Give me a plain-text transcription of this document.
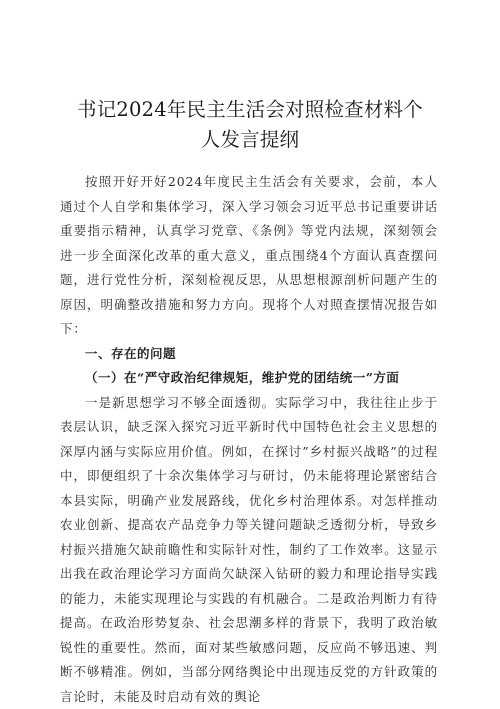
书记2024年民主生活会对照检查材料个人发言提纲

按照开好开好2024年度民主生活会有关要求，会前，本人通过个人自学和集体学习，深入学习领会习近平总书记重要讲话重要指示精神，认真学习党章、《条例》等党内法规，深刻领会进一步全面深化改革的重大意义，重点围绕4个方面认真查摆问题，进行党性分析，深刻检视反思，从思想根源剖析问题产生的原因，明确整改措施和努力方向。现将个人对照查摆情况报告如下：

一、存在的问题

（一）在“严守政治纪律规矩，维护党的团结统一”方面

一是新思想学习不够全面透彻。实际学习中，我往往止步于表层认识，缺乏深入探究习近平新时代中国特色社会主义思想的深厚内涵与实际应用价值。例如，在探讨”乡村振兴战略”的过程中，即便组织了十余次集体学习与研讨，仍未能将理论紧密结合本县实际，明确产业发展路线，优化乡村治理体系。对怎样推动农业创新、提高农产品竞争力等关键问题缺乏透彻分析，导致乡村振兴措施欠缺前瞻性和实际针对性，制约了工作效率。这显示出我在政治理论学习方面尚欠缺深入钻研的毅力和理论指导实践的能力，未能实现理论与实践的有机融合。二是政治判断力有待提高。在政治形势复杂、社会思潮多样的背景下，我明了政治敏锐性的重要性。然而，面对某些敏感问题，反应尚不够迅速、判断不够精准。例如，当部分网络舆论中出现违反党的方针政策的言论时，未能及时启动有效的舆论
